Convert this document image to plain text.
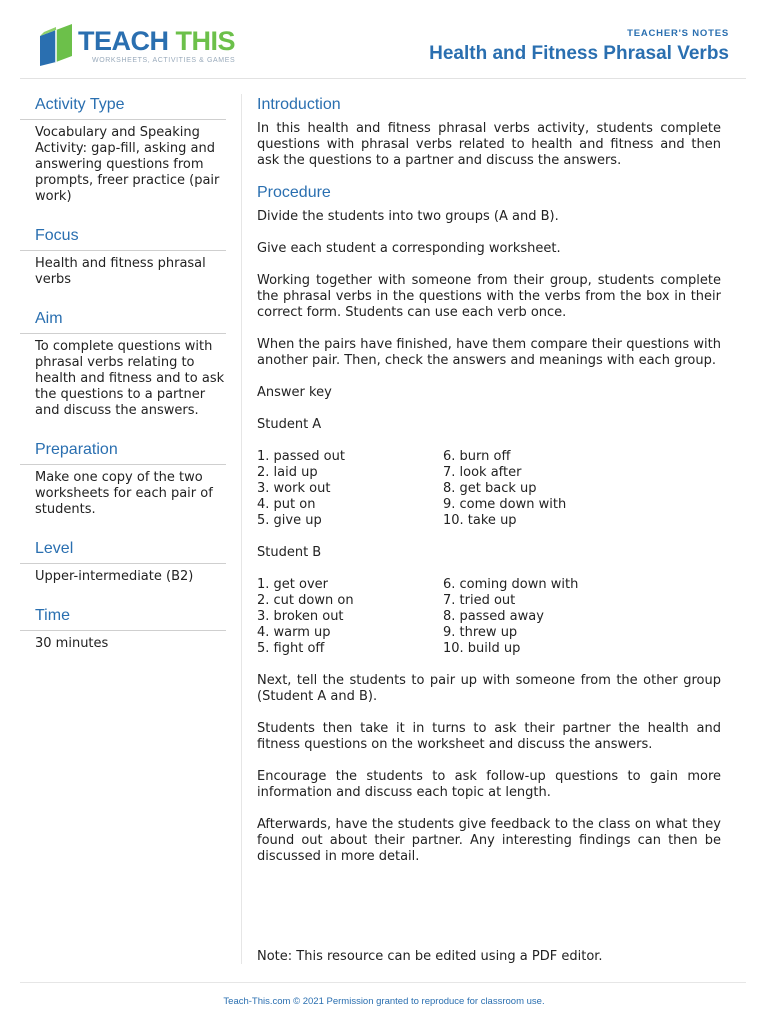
TEACH THIS
WORKSHEETS, ACTIVITIES & GAMES
TEACHER'S NOTES
Health and Fitness Phrasal Verbs
Activity Type
Vocabulary and Speaking Activity: gap-fill, asking and answering questions from prompts, freer practice (pair work)
Focus
Health and fitness phrasal verbs
Aim
To complete questions with phrasal verbs relating to health and fitness and to ask the questions to a partner and discuss the answers.
Preparation
Make one copy of the two worksheets for each pair of students.
Level
Upper-intermediate (B2)
Time
30 minutes
Introduction

In this health and fitness phrasal verbs activity, students complete questions with phrasal verbs related to health and fitness and then ask the questions to a partner and discuss the answers.

Procedure

Divide the students into two groups (A and B).

Give each student a corresponding worksheet.

Working together with someone from their group, students complete the phrasal verbs in the questions with the verbs from the box in their correct form. Students can use each verb once.

When the pairs have finished, have them compare their questions with another pair. Then, check the answers and meanings with each group.

Answer key

Student A

1. passed out
2. laid up
3. work out
4. put on
5. give up
6. burn off
7. look after
8. get back up
9. come down with
10. take up

Student B

1. get over
2. cut down on
3. broken out
4. warm up
5. fight off
6. coming down with
7. tried out
8. passed away
9. threw up
10. build up

Next, tell the students to pair up with someone from the other group (Student A and B).

Students then take it in turns to ask their partner the health and fitness questions on the worksheet and discuss the answers.

Encourage the students to ask follow-up questions to gain more information and discuss each topic at length.

Afterwards, have the students give feedback to the class on what they found out about their partner. Any interesting findings can then be discussed in more detail.

Note: This resource can be edited using a PDF editor.
Teach-This.com © 2021 Permission granted to reproduce for classroom use.
